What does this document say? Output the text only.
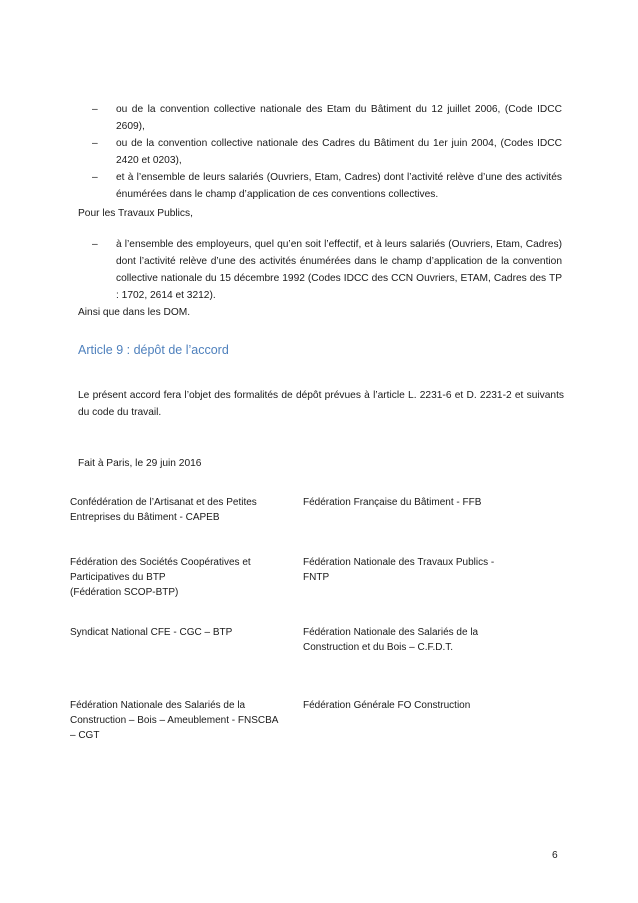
– ou de la convention collective nationale des Etam du Bâtiment du 12 juillet 2006, (Code IDCC 2609),
– ou de la convention collective nationale des Cadres du Bâtiment du 1er juin 2004, (Codes IDCC 2420 et 0203),
– et à l’ensemble de leurs salariés (Ouvriers, Etam, Cadres) dont l’activité relève d’une des activités énumérées dans le champ d’application de ces conventions collectives.
Pour les Travaux Publics,
– à l’ensemble des employeurs, quel qu’en soit l’effectif, et à leurs salariés (Ouvriers, Etam, Cadres) dont l’activité relève d’une des activités énumérées dans le champ d’application de la convention collective nationale du 15 décembre 1992 (Codes IDCC des CCN Ouvriers, ETAM, Cadres des TP : 1702, 2614 et 3212).
Ainsi que dans les DOM.
Article 9 : dépôt de l’accord
Le présent accord fera l’objet des formalités de dépôt prévues à l’article L. 2231-6 et D. 2231-2 et suivants du code du travail.
Fait à Paris, le 29 juin 2016
Confédération de l’Artisanat et des Petites
Entreprises du Bâtiment - CAPEB
Fédération Française du Bâtiment - FFB
Fédération des Sociétés Coopératives et
Participatives du BTP
(Fédération SCOP-BTP)
Fédération Nationale des Travaux Publics -
FNTP
Syndicat National CFE - CGC – BTP	Fédération Nationale des Salariés de la
Construction et du Bois – C.F.D.T.
Fédération Nationale des Salariés de la
Construction – Bois – Ameublement - FNSCBA
– CGT
Fédération Générale FO Construction
6
